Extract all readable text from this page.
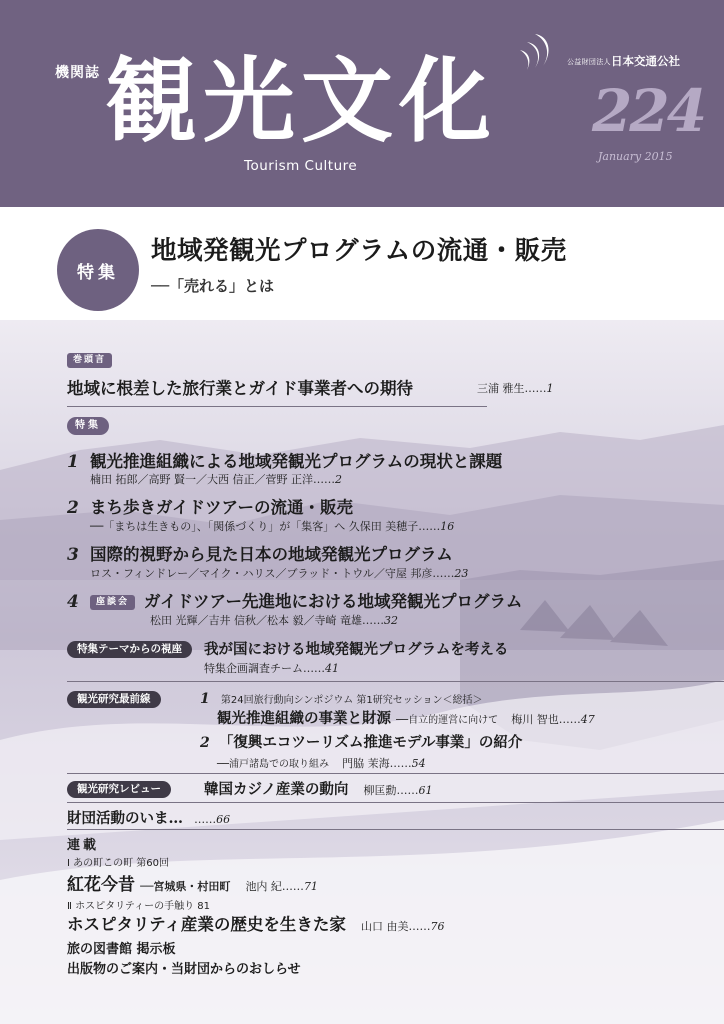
機関誌 観光文化
Tourism Culture
224
January 2015
公益財団法人 日本交通公社
特集
地域発観光プログラムの流通・販売
──「売れる」とは
巻頭言
地域に根差した旅行業とガイド事業者への期待	三浦 雅生……1
特集
1 観光推進組織による地域発観光プログラムの現状と課題
楠田 拓郎／高野 賢一／大西 信正／菅野 正洋……2
2 まち歩きガイドツアーの流通・販売
──「まちは生きもの」、「関係づくり」が「集客」へ 久保田 美穂子……16
3 国際的視野から見た日本の地域発観光プログラム
ロス・フィンドレー／マイク・ハリス／ブラッド・トウル／守屋 邦彦……23
4 座談会 ガイドツアー先進地における地域発観光プログラム
松田 光輝／吉井 信秋／松本 毅／寺崎 竜雄……32
特集テーマからの視座	我が国における地域発観光プログラムを考える
特集企画調査チーム……41
観光研究最前線	1 第24回旅行動向シンポジウム 第1研究セッション＜総括＞
観光推進組織の事業と財源 ──自立的運営に向けて 梅川 智也……47
2 「復興エコツーリズム推進モデル事業」の紹介
──浦戸諸島での取り組み 門脇 茉海……54
観光研究レビュー	韓国カジノ産業の動向 柳匡勳……61
財団活動のいま… ……66
連載
Ⅰ あの町この町 第60回
紅花今昔 ──宮城県・村田町 池内 紀……71
Ⅱ ホスピタリティーの手触り 81
ホスピタリティ産業の歴史を生きた家 山口 由美……76
旅の図書館 掲示板
出版物のご案内・当財団からのおしらせ
